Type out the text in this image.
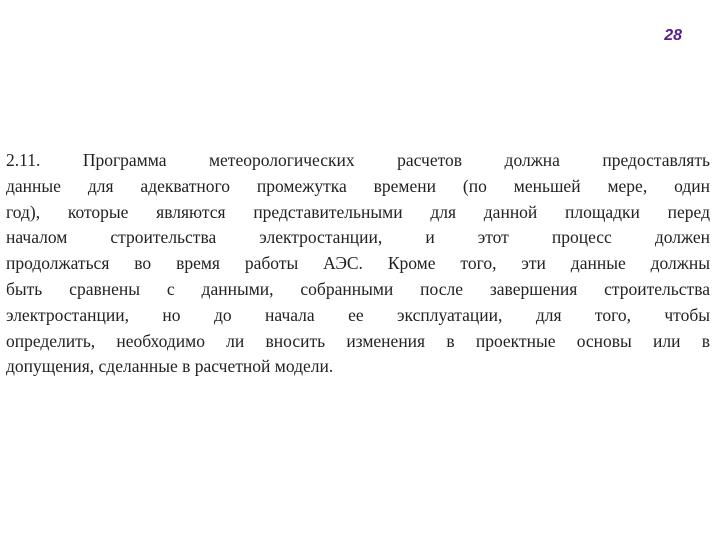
28

2.11. Программа метеорологических расчетов должна предоставлять
данные для адекватного промежутка времени (по меньшей мере, один
год), которые являются представительными для данной площадки перед
началом строительства электростанции, и этот процесс должен
продолжаться во время работы АЭС. Кроме того, эти данные должны
быть сравнены с данными, собранными после завершения строительства
электростанции, но до начала ее эксплуатации, для того, чтобы
определить, необходимо ли вносить изменения в проектные основы или в
допущения, сделанные в расчетной модели.
